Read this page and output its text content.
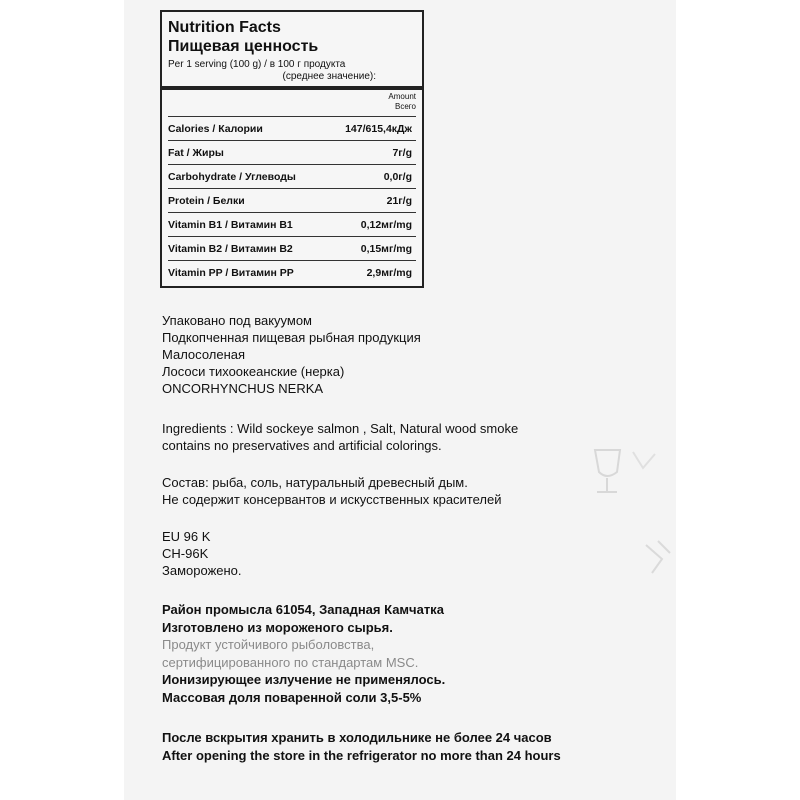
Nutrition Facts
Пищевая ценность
Per 1 serving (100 g) / в 100 г продукта
(среднее значение):
Amount
Всего
Calories / Калории	147/615,4кДж
Fat / Жиры	7г/g
Carbohydrate / Углеводы	0,0г/g
Protein / Белки	21г/g
Vitamin B1 / Витамин B1	0,12мг/mg
Vitamin B2 / Витамин B2	0,15мг/mg
Vitamin PP / Витамин PP	2,9мг/mg
Упаковано под вакуумом
Подкопченная пищевая рыбная продукция
Малосоленая
Лососи тихоокеанские (нерка)
ONCORHYNCHUS NERKA
Ingredients : Wild sockeye salmon , Salt, Natural wood smoke
contains no preservatives and artificial colorings.
Состав: рыба, соль, натуральный древесный дым.
Не содержит консервантов и искусственных красителей
EU 96 K
CH-96K
Заморожено.
Район промысла 61054, Западная Камчатка
Изготовлено из мороженого сырья.
Продукт устойчивого рыболовства,
сертифицированного по стандартам MSC.
Ионизирующее излучение не применялось.
Массовая доля поваренной соли 3,5-5%
После вскрытия хранить в холодильнике не более 24 часов
After opening the store in the refrigerator no more than 24 hours
